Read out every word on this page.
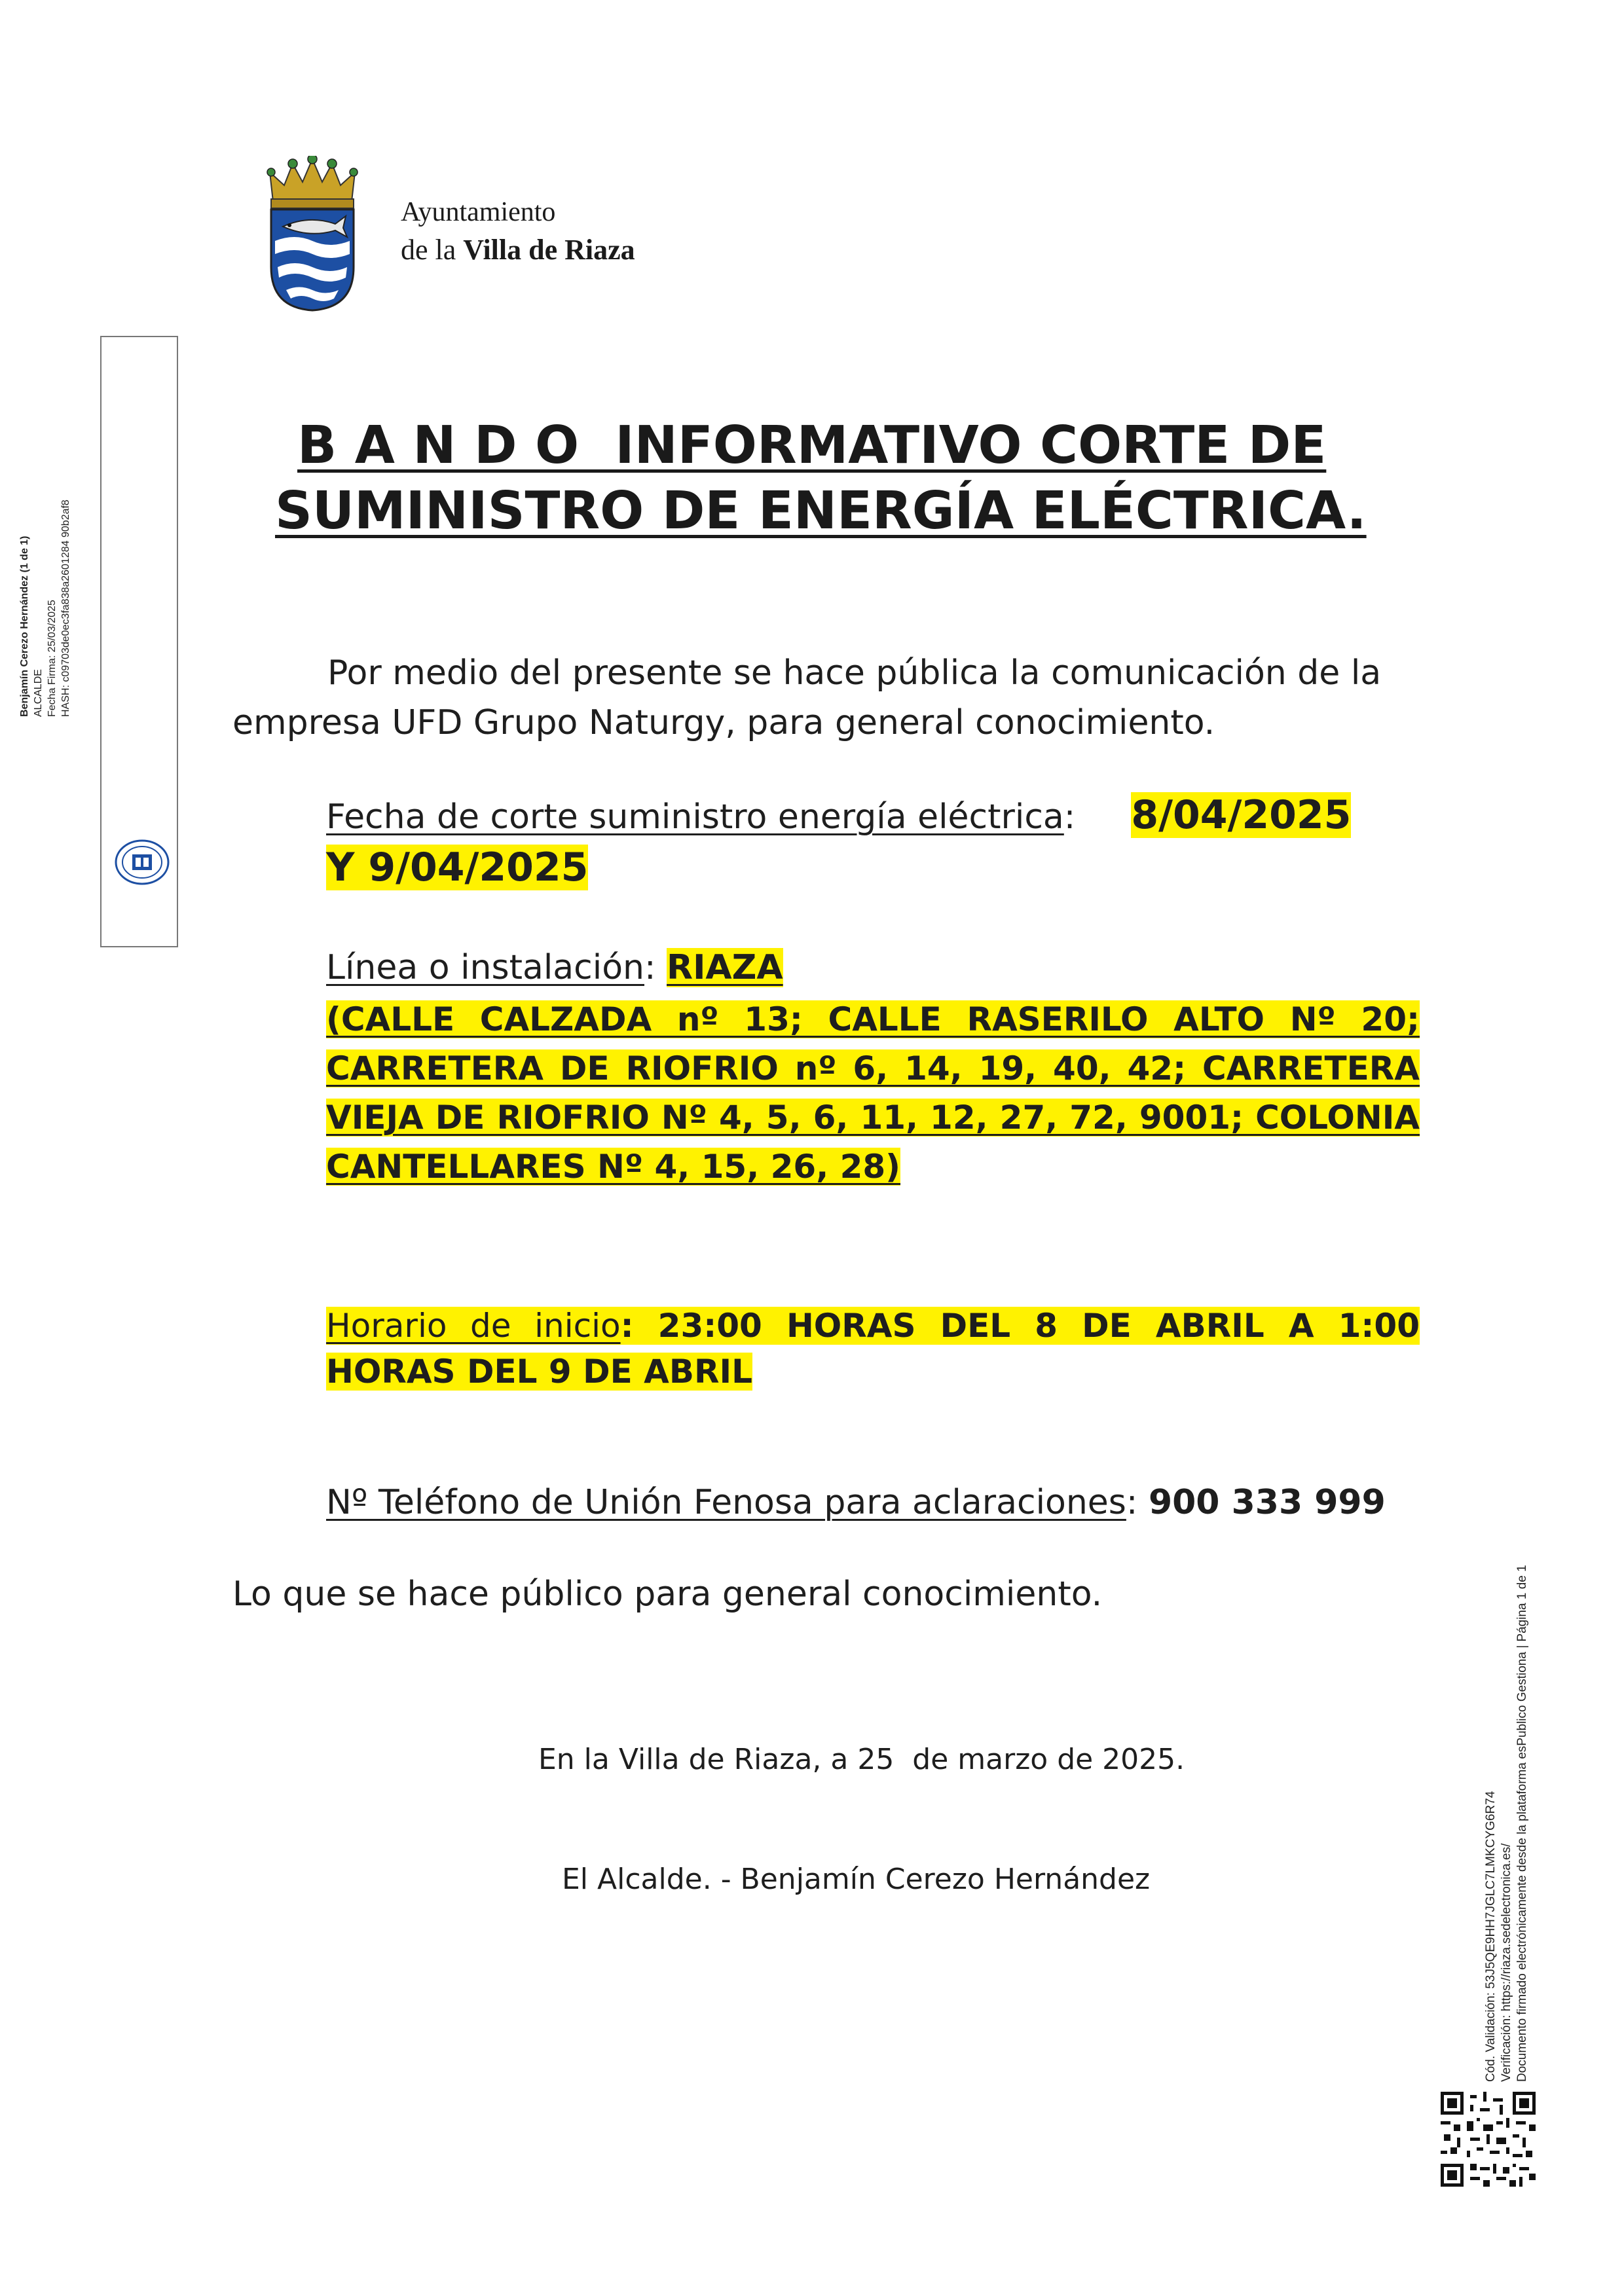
Ayuntamiento
de la Villa de Riaza
Benjamín Cerezo Hernández (1 de 1) ALCALDE Fecha Firma: 25/03/2025 HASH: c09703de0ec3fa838a2601284 90b2af8
B A N D O  INFORMATIVO CORTE DE
SUMINISTRO DE ENERGÍA ELÉCTRICA.
Por medio del presente se hace pública la comunicación de la empresa UFD Grupo Naturgy, para general conocimiento.
Fecha de corte suministro energía eléctrica: 8/04/2025
Y 9/04/2025
Línea o instalación: RIAZA
(CALLE CALZADA nº 13; CALLE RASERILO ALTO Nº 20; CARRETERA DE RIOFRIO nº 6, 14, 19, 40, 42; CARRETERA VIEJA DE RIOFRIO Nº 4, 5, 6, 11, 12, 27, 72, 9001; COLONIA CANTELLARES Nº 4, 15, 26, 28)
Horario de inicio: 23:00 HORAS DEL 8 DE ABRIL A 1:00 HORAS DEL 9 DE ABRIL
Nº Teléfono de Unión Fenosa para aclaraciones: 900 333 999
Lo que se hace público para general conocimiento.
En la Villa de Riaza, a 25  de marzo de 2025.
El Alcalde. - Benjamín Cerezo Hernández	Cód. Validación: 53J5QE9HH7JGLC7LMKCYG6R74 Verificación: https://riaza.sedelectronica.es/ Documento firmado electrónicamente desde la plataforma esPublico Gestiona | Página 1 de 1
